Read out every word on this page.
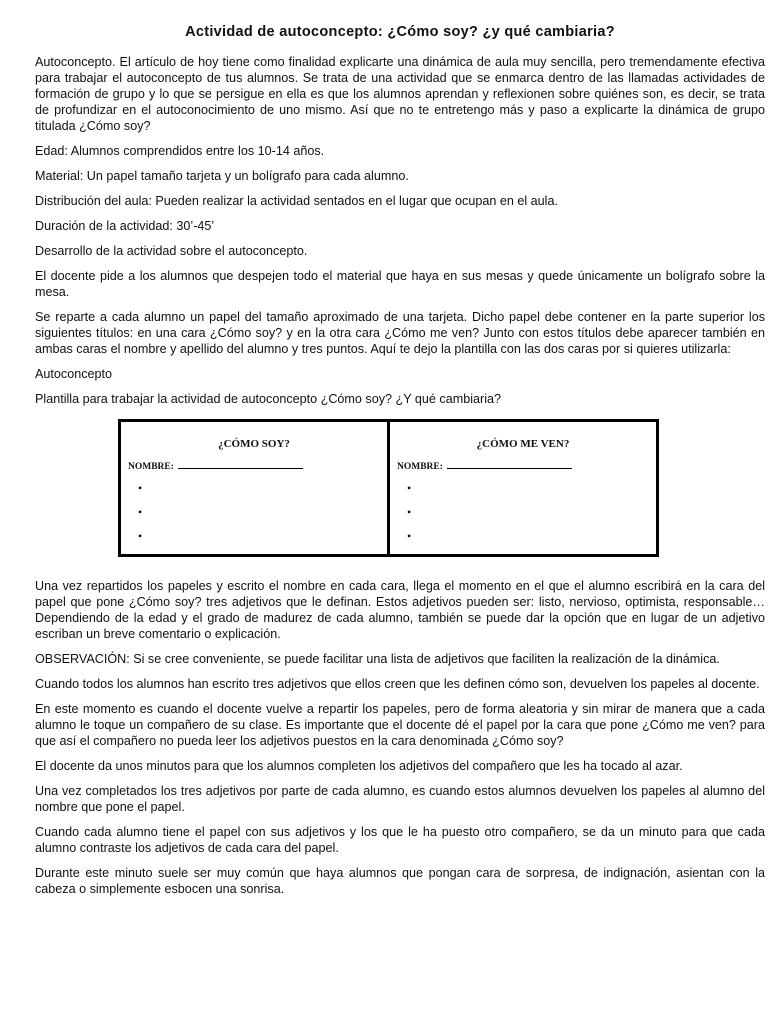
Actividad de autoconcepto: ¿Cómo soy? ¿y qué cambiaria?

Autoconcepto. El artículo de hoy tiene como finalidad explicarte una dinámica de aula muy sencilla, pero tremendamente efectiva para trabajar el autoconcepto de tus alumnos. Se trata de una actividad que se enmarca dentro de las llamadas actividades de formación de grupo y lo que se persigue en ella es que los alumnos aprendan y reflexionen sobre quiénes son, es decir, se trata de profundizar en el autoconocimiento de uno mismo. Así que no te entretengo más y paso a explicarte la dinámica de grupo titulada ¿Cómo soy?

Edad: Alumnos comprendidos entre los 10-14 años.

Material: Un papel tamaño tarjeta y un bolígrafo para cada alumno.

Distribución del aula: Pueden realizar la actividad sentados en el lugar que ocupan en el aula.

Duración de la actividad: 30’-45’

Desarrollo de la actividad sobre el autoconcepto.

El docente pide a los alumnos que despejen todo el material que haya en sus mesas y quede únicamente un bolígrafo sobre la mesa.

Se reparte a cada alumno un papel del tamaño aproximado de una tarjeta. Dicho papel debe contener en la parte superior los siguientes títulos: en una cara ¿Cómo soy? y en la otra cara ¿Cómo me ven? Junto con estos títulos debe aparecer también en ambas caras el nombre y apellido del alumno y tres puntos. Aquí te dejo la plantilla con las dos caras por si quieres utilizarla:

Autoconcepto

Plantilla para trabajar la actividad de autoconcepto ¿Cómo soy? ¿Y qué cambiaria?

¿CÓMO SOY?
NOMBRE:
•
•
•
¿CÓMO ME VEN?
NOMBRE:
•
•
•

Una vez repartidos los papeles y escrito el nombre en cada cara, llega el momento en el que el alumno escribirá en la cara del papel que pone ¿Cómo soy? tres adjetivos que le definan. Estos adjetivos pueden ser: listo, nervioso, optimista, responsable… Dependiendo de la edad y el grado de madurez de cada alumno, también se puede dar la opción que en lugar de un adjetivo escriban un breve comentario o explicación.

OBSERVACIÓN: Si se cree conveniente, se puede facilitar una lista de adjetivos que faciliten la realización de la dinámica.

Cuando todos los alumnos han escrito tres adjetivos que ellos creen que les definen cómo son, devuelven los papeles al docente.

En este momento es cuando el docente vuelve a repartir los papeles, pero de forma aleatoria y sin mirar de manera que a cada alumno le toque un compañero de su clase. Es importante que el docente dé el papel por la cara que pone ¿Cómo me ven? para que así el compañero no pueda leer los adjetivos puestos en la cara denominada ¿Cómo soy?

El docente da unos minutos para que los alumnos completen los adjetivos del compañero que les ha tocado al azar.

Una vez completados los tres adjetivos por parte de cada alumno, es cuando estos alumnos devuelven los papeles al alumno del nombre que pone el papel.

Cuando cada alumno tiene el papel con sus adjetivos y los que le ha puesto otro compañero, se da un minuto para que cada alumno contraste los adjetivos de cada cara del papel.

Durante este minuto suele ser muy común que haya alumnos que pongan cara de sorpresa, de indignación, asientan con la cabeza o simplemente esbocen una sonrisa.
